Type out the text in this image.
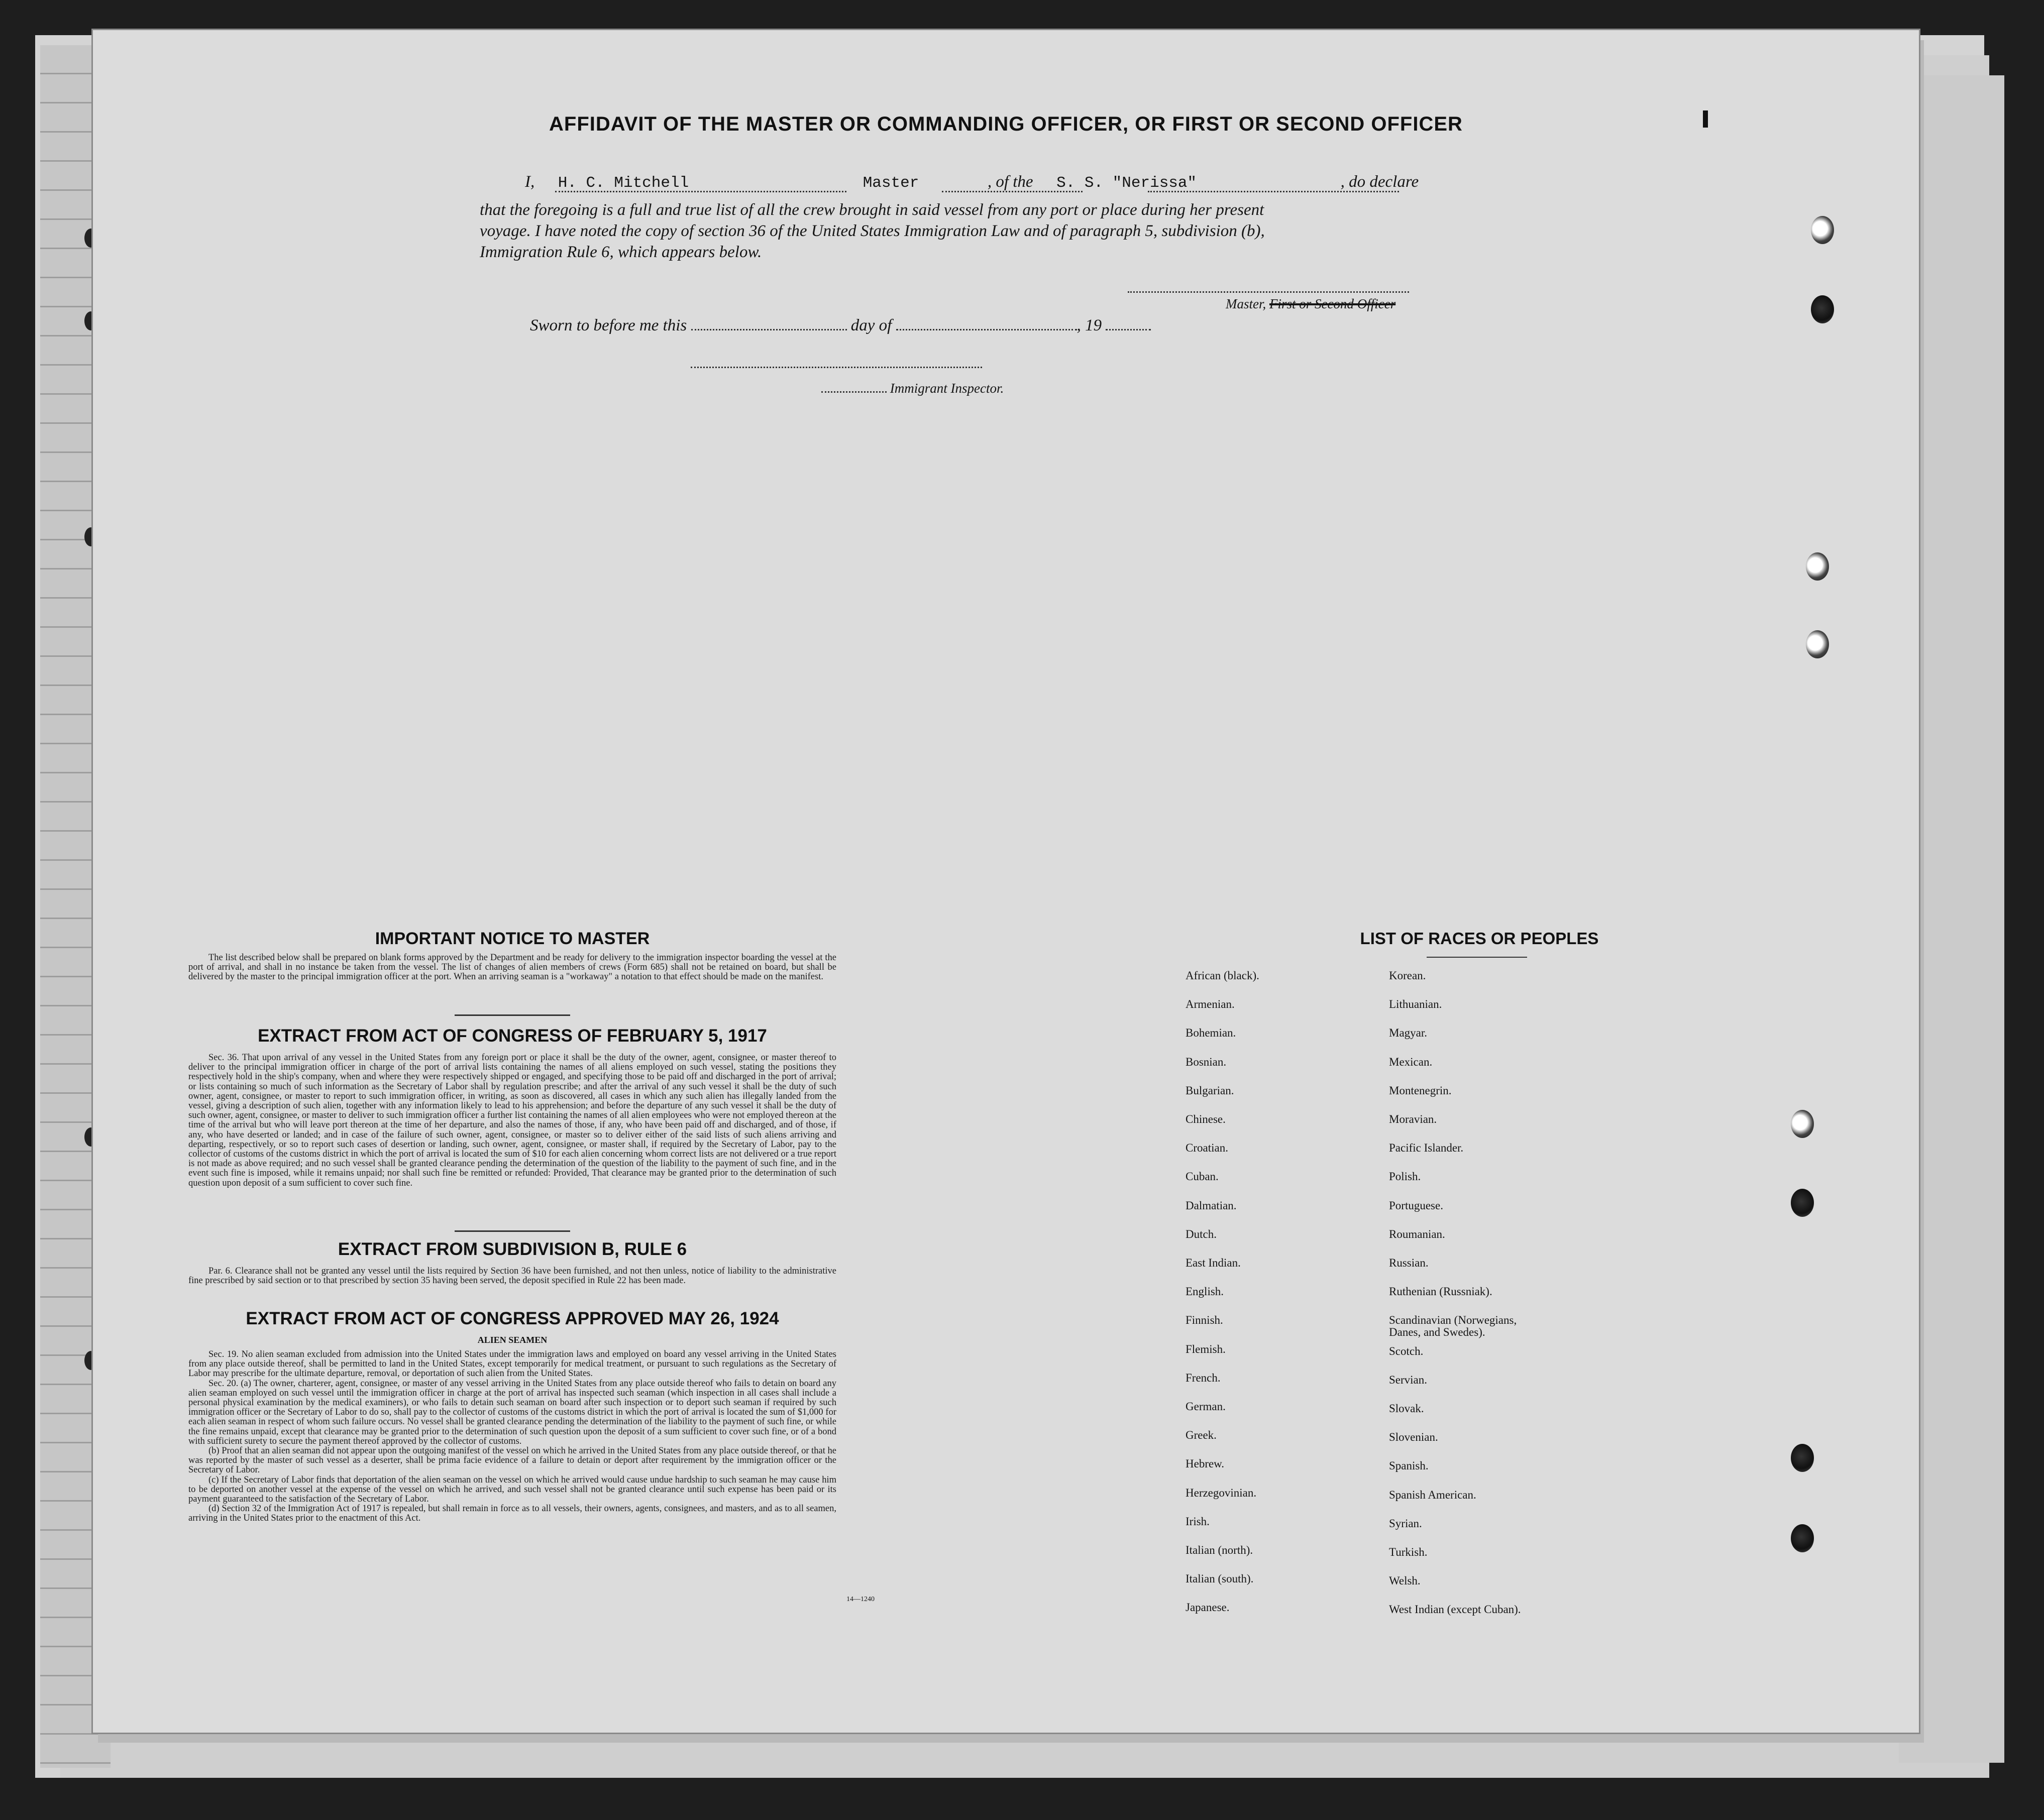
AFFIDAVIT OF THE MASTER OR COMMANDING OFFICER, OR FIRST OR SECOND OFFICER
I, H. C. Mitchell	Master	, of the S. S. "Nerissa"	, do declare
that the foregoing is a full and true list of all the crew brought in said vessel from any port or place during her present
voyage. I have noted the copy of section 36 of the United States Immigration Law and of paragraph 5, subdivision (b),
Immigration Rule 6, which appears below.
Master, First or Second Officer
Sworn to before me this	day of	, 19
Immigrant Inspector.
IMPORTANT NOTICE TO MASTER

The list described below shall be prepared on blank forms approved by the Department and be ready for delivery to the immigration inspector boarding the vessel at the port of arrival, and shall in no instance be taken from the vessel. The list of changes of alien members of crews (Form 685) shall not be retained on board, but shall be delivered by the master to the principal immigration officer at the port. When an arriving seaman is a "workaway" a notation to that effect should be made on the manifest.

EXTRACT FROM ACT OF CONGRESS OF FEBRUARY 5, 1917

Sec. 36. That upon arrival of any vessel in the United States from any foreign port or place it shall be the duty of the owner, agent, consignee, or master thereof to deliver to the principal immigration officer in charge of the port of arrival lists containing the names of all aliens employed on such vessel, stating the positions they respectively hold in the ship's company, when and where they were respectively shipped or engaged, and specifying those to be paid off and discharged in the port of arrival; or lists containing so much of such information as the Secretary of Labor shall by regulation prescribe; and after the arrival of any such vessel it shall be the duty of such owner, agent, consignee, or master to report to such immigration officer, in writing, as soon as discovered, all cases in which any such alien has illegally landed from the vessel, giving a description of such alien, together with any information likely to lead to his apprehension; and before the departure of any such vessel it shall be the duty of such owner, agent, consignee, or master to deliver to such immigration officer a further list containing the names of all alien employees who were not employed thereon at the time of the arrival but who will leave port thereon at the time of her departure, and also the names of those, if any, who have been paid off and discharged, and of those, if any, who have deserted or landed; and in case of the failure of such owner, agent, consignee, or master so to deliver either of the said lists of such aliens arriving and departing, respectively, or so to report such cases of desertion or landing, such owner, agent, consignee, or master shall, if required by the Secretary of Labor, pay to the collector of customs of the customs district in which the port of arrival is located the sum of $10 for each alien concerning whom correct lists are not delivered or a true report is not made as above required; and no such vessel shall be granted clearance pending the determination of the question of the liability to the payment of such fine, and in the event such fine is imposed, while it remains unpaid; nor shall such fine be remitted or refunded: Provided, That clearance may be granted prior to the determination of such question upon deposit of a sum sufficient to cover such fine.

EXTRACT FROM SUBDIVISION B, RULE 6

Par. 6. Clearance shall not be granted any vessel until the lists required by Section 36 have been furnished, and not then unless, notice of liability to the administrative fine prescribed by said section or to that prescribed by section 35 having been served, the deposit specified in Rule 22 has been made.

EXTRACT FROM ACT OF CONGRESS APPROVED MAY 26, 1924
ALIEN SEAMEN

Sec. 19. No alien seaman excluded from admission into the United States under the immigration laws and employed on board any vessel arriving in the United States from any place outside thereof, shall be permitted to land in the United States, except temporarily for medical treatment, or pursuant to such regulations as the Secretary of Labor may prescribe for the ultimate departure, removal, or deportation of such alien from the United States.

Sec. 20. (a) The owner, charterer, agent, consignee, or master of any vessel arriving in the United States from any place outside thereof who fails to detain on board any alien seaman employed on such vessel until the immigration officer in charge at the port of arrival has inspected such seaman (which inspection in all cases shall include a personal physical examination by the medical examiners), or who fails to detain such seaman on board after such inspection or to deport such seaman if required by such immigration officer or the Secretary of Labor to do so, shall pay to the collector of customs of the customs district in which the port of arrival is located the sum of $1,000 for each alien seaman in respect of whom such failure occurs. No vessel shall be granted clearance pending the determination of the liability to the payment of such fine, or while the fine remains unpaid, except that clearance may be granted prior to the determination of such question upon the deposit of a sum sufficient to cover such fine, or of a bond with sufficient surety to secure the payment thereof approved by the collector of customs.

(b) Proof that an alien seaman did not appear upon the outgoing manifest of the vessel on which he arrived in the United States from any place outside thereof, or that he was reported by the master of such vessel as a deserter, shall be prima facie evidence of a failure to detain or deport after requirement by the immigration officer or the Secretary of Labor.

(c) If the Secretary of Labor finds that deportation of the alien seaman on the vessel on which he arrived would cause undue hardship to such seaman he may cause him to be deported on another vessel at the expense of the vessel on which he arrived, and such vessel shall not be granted clearance until such expense has been paid or its payment guaranteed to the satisfaction of the Secretary of Labor.

(d) Section 32 of the Immigration Act of 1917 is repealed, but shall remain in force as to all vessels, their owners, agents, consignees, and masters, and as to all seamen, arriving in the United States prior to the enactment of this Act.

14—1240
LIST OF RACES OR PEOPLES
African (black).
Armenian.
Bohemian.
Bosnian.
Bulgarian.
Chinese.
Croatian.
Cuban.
Dalmatian.
Dutch.
East Indian.
English.
Finnish.
Flemish.
French.
German.
Greek.
Hebrew.
Herzegovinian.
Irish.
Italian (north).
Italian (south).
Japanese.
Korean.
Lithuanian.
Magyar.
Mexican.
Montenegrin.
Moravian.
Pacific Islander.
Polish.
Portuguese.
Roumanian.
Russian.
Ruthenian (Russniak).
Scandinavian (Norwegians,
Danes, and Swedes).
Scotch.
Servian.
Slovak.
Slovenian.
Spanish.
Spanish American.
Syrian.
Turkish.
Welsh.
West Indian (except Cuban).
